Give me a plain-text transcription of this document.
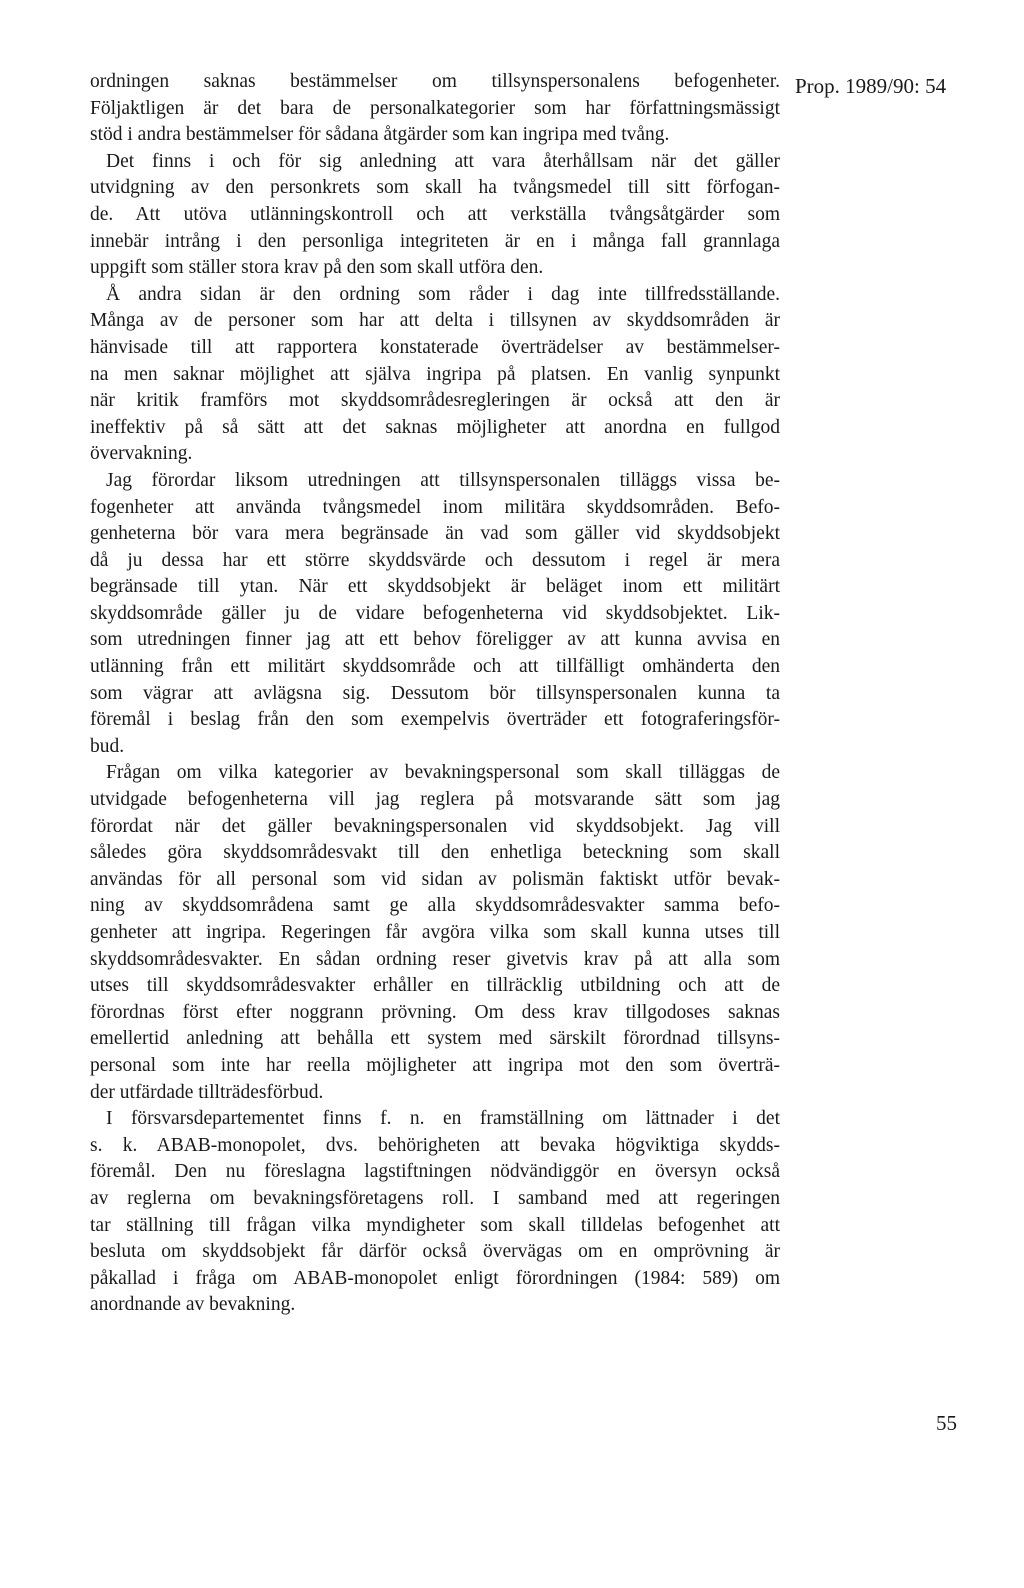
Prop. 1989/90: 54
ordningen saknas bestämmelser om tillsynspersonalens befogenheter.
Följaktligen är det bara de personalkategorier som har författningsmässigt
stöd i andra bestämmelser för sådana åtgärder som kan ingripa med tvång.
Det finns i och för sig anledning att vara återhållsam när det gäller
utvidgning av den personkrets som skall ha tvångsmedel till sitt förfogan-
de. Att utöva utlänningskontroll och att verkställa tvångsåtgärder som
innebär intrång i den personliga integriteten är en i många fall grannlaga
uppgift som ställer stora krav på den som skall utföra den.
Å andra sidan är den ordning som råder i dag inte tillfredsställande.
Många av de personer som har att delta i tillsynen av skyddsområden är
hänvisade till att rapportera konstaterade överträdelser av bestämmelser-
na men saknar möjlighet att själva ingripa på platsen. En vanlig synpunkt
när kritik framförs mot skyddsområdesregleringen är också att den är
ineffektiv på så sätt att det saknas möjligheter att anordna en fullgod
övervakning.
Jag förordar liksom utredningen att tillsynspersonalen tilläggs vissa be-
fogenheter att använda tvångsmedel inom militära skyddsområden. Befo-
genheterna bör vara mera begränsade än vad som gäller vid skyddsobjekt
då ju dessa har ett större skyddsvärde och dessutom i regel är mera
begränsade till ytan. När ett skyddsobjekt är beläget inom ett militärt
skyddsområde gäller ju de vidare befogenheterna vid skyddsobjektet. Lik-
som utredningen finner jag att ett behov föreligger av att kunna avvisa en
utlänning från ett militärt skyddsområde och att tillfälligt omhänderta den
som vägrar att avlägsna sig. Dessutom bör tillsynspersonalen kunna ta
föremål i beslag från den som exempelvis överträder ett fotograferingsför-
bud.
Frågan om vilka kategorier av bevakningspersonal som skall tilläggas de
utvidgade befogenheterna vill jag reglera på motsvarande sätt som jag
förordat när det gäller bevakningspersonalen vid skyddsobjekt. Jag vill
således göra skyddsområdesvakt till den enhetliga beteckning som skall
användas för all personal som vid sidan av polismän faktiskt utför bevak-
ning av skyddsområdena samt ge alla skyddsområdesvakter samma befo-
genheter att ingripa. Regeringen får avgöra vilka som skall kunna utses till
skyddsområdesvakter. En sådan ordning reser givetvis krav på att alla som
utses till skyddsområdesvakter erhåller en tillräcklig utbildning och att de
förordnas först efter noggrann prövning. Om dess krav tillgodoses saknas
emellertid anledning att behålla ett system med särskilt förordnad tillsyns-
personal som inte har reella möjligheter att ingripa mot den som överträ-
der utfärdade tillträdesförbud.
I försvarsdepartementet finns f. n. en framställning om lättnader i det
s. k. ABAB-monopolet, dvs. behörigheten att bevaka högviktiga skydds-
föremål. Den nu föreslagna lagstiftningen nödvändiggör en översyn också
av reglerna om bevakningsföretagens roll. I samband med att regeringen
tar ställning till frågan vilka myndigheter som skall tilldelas befogenhet att
besluta om skyddsobjekt får därför också övervägas om en omprövning är
påkallad i fråga om ABAB-monopolet enligt förordningen (1984: 589) om
anordnande av bevakning.
55
